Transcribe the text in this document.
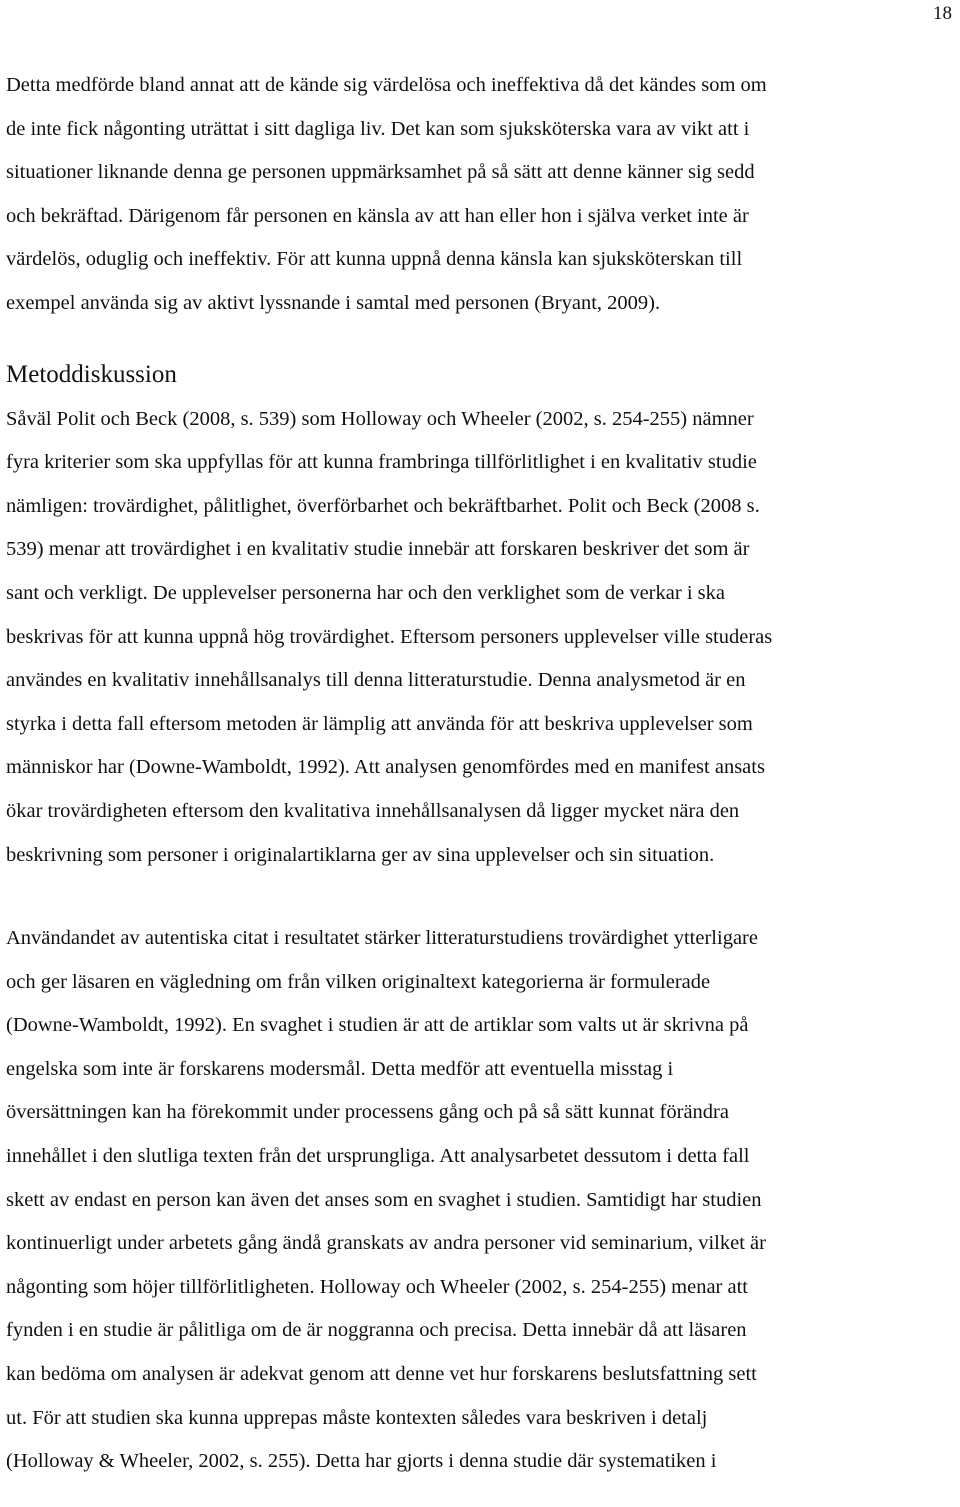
18
Detta medförde bland annat att de kände sig värdelösa och ineffektiva då det kändes som om
de inte fick någonting uträttat i sitt dagliga liv. Det kan som sjuksköterska vara av vikt att i
situationer liknande denna ge personen uppmärksamhet på så sätt att denne känner sig sedd
och bekräftad. Därigenom får personen en känsla av att han eller hon i själva verket inte är
värdelös, oduglig och ineffektiv. För att kunna uppnå denna känsla kan sjuksköterskan till
exempel använda sig av aktivt lyssnande i samtal med personen (Bryant, 2009).
Metoddiskussion
Såväl Polit och Beck (2008, s. 539) som Holloway och Wheeler (2002, s. 254-255) nämner
fyra kriterier som ska uppfyllas för att kunna frambringa tillförlitlighet i en kvalitativ studie
nämligen: trovärdighet, pålitlighet, överförbarhet och bekräftbarhet. Polit och Beck (2008 s.
539) menar att trovärdighet i en kvalitativ studie innebär att forskaren beskriver det som är
sant och verkligt. De upplevelser personerna har och den verklighet som de verkar i ska
beskrivas för att kunna uppnå hög trovärdighet. Eftersom personers upplevelser ville studeras
användes en kvalitativ innehållsanalys till denna litteraturstudie. Denna analysmetod är en
styrka i detta fall eftersom metoden är lämplig att använda för att beskriva upplevelser som
människor har (Downe-Wamboldt, 1992). Att analysen genomfördes med en manifest ansats
ökar trovärdigheten eftersom den kvalitativa innehållsanalysen då ligger mycket nära den
beskrivning som personer i originalartiklarna ger av sina upplevelser och sin situation.
Användandet av autentiska citat i resultatet stärker litteraturstudiens trovärdighet ytterligare
och ger läsaren en vägledning om från vilken originaltext kategorierna är formulerade
(Downe-Wamboldt, 1992). En svaghet i studien är att de artiklar som valts ut är skrivna på
engelska som inte är forskarens modersmål. Detta medför att eventuella misstag i
översättningen kan ha förekommit under processens gång och på så sätt kunnat förändra
innehållet i den slutliga texten från det ursprungliga. Att analysarbetet dessutom i detta fall
skett av endast en person kan även det anses som en svaghet i studien. Samtidigt har studien
kontinuerligt under arbetets gång ändå granskats av andra personer vid seminarium, vilket är
någonting som höjer tillförlitligheten. Holloway och Wheeler (2002, s. 254-255) menar att
fynden i en studie är pålitliga om de är noggranna och precisa. Detta innebär då att läsaren
kan bedöma om analysen är adekvat genom att denne vet hur forskarens beslutsfattning sett
ut. För att studien ska kunna upprepas måste kontexten således vara beskriven i detalj
(Holloway & Wheeler, 2002, s. 255). Detta har gjorts i denna studie där systematiken i
